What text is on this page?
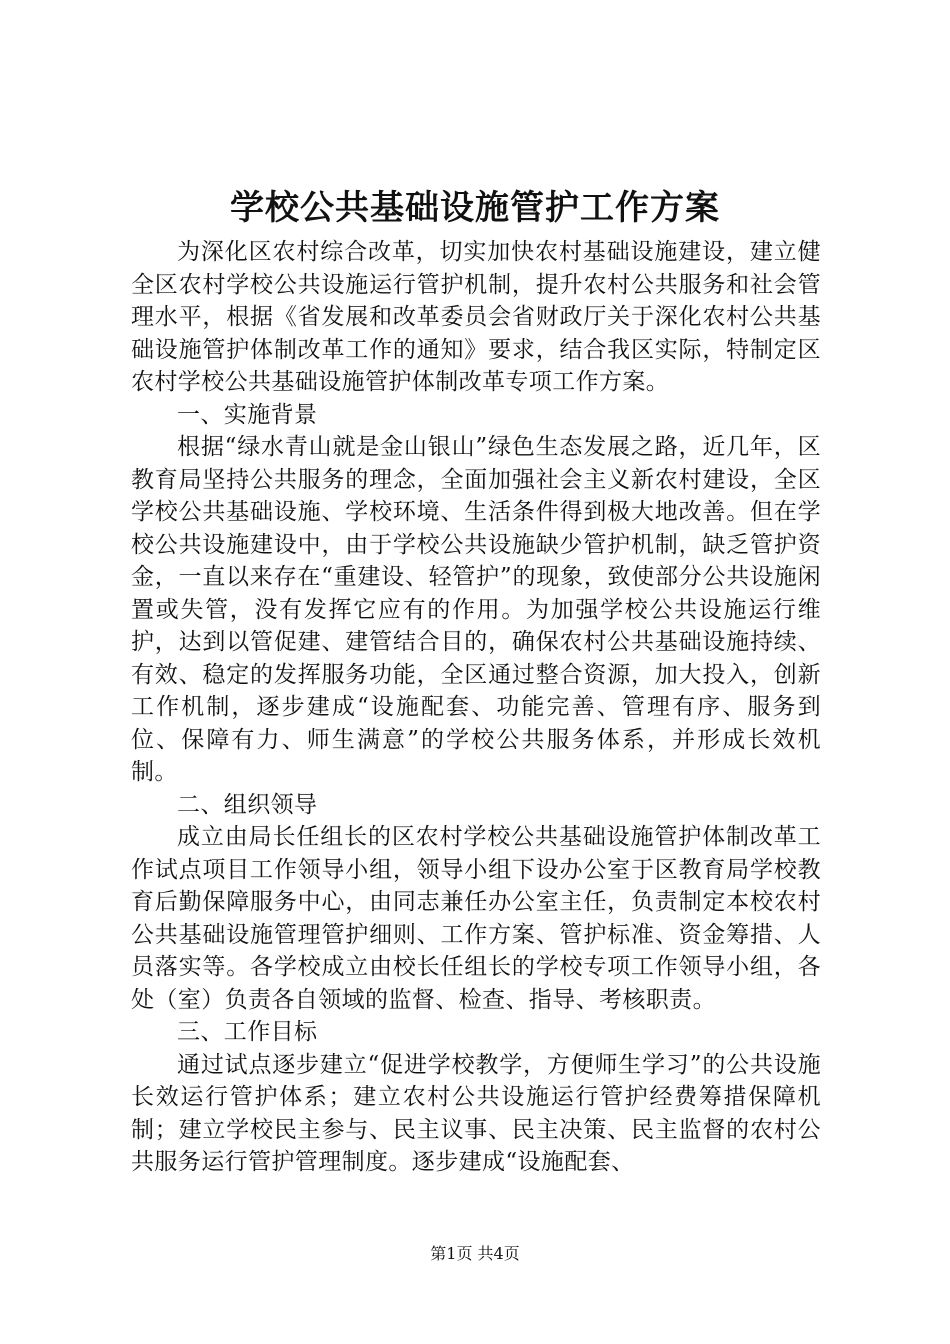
学校公共基础设施管护工作方案

为深化区农村综合改革，切实加快农村基础设施建设，建立健全区农村学校公共设施运行管护机制，提升农村公共服务和社会管理水平，根据《省发展和改革委员会省财政厅关于深化农村公共基础设施管护体制改革工作的通知》要求，结合我区实际，特制定区农村学校公共基础设施管护体制改革专项工作方案。

一、实施背景

根据“绿水青山就是金山银山”绿色生态发展之路，近几年，区教育局坚持公共服务的理念，全面加强社会主义新农村建设，全区学校公共基础设施、学校环境、生活条件得到极大地改善。但在学校公共设施建设中，由于学校公共设施缺少管护机制，缺乏管护资金，一直以来存在“重建设、轻管护”的现象，致使部分公共设施闲置或失管，没有发挥它应有的作用。为加强学校公共设施运行维护，达到以管促建、建管结合目的，确保农村公共基础设施持续、有效、稳定的发挥服务功能，全区通过整合资源，加大投入，创新工作机制，逐步建成“设施配套、功能完善、管理有序、服务到位、保障有力、师生满意”的学校公共服务体系，并形成长效机制。

二、组织领导

成立由局长任组长的区农村学校公共基础设施管护体制改革工作试点项目工作领导小组，领导小组下设办公室于区教育局学校教育后勤保障服务中心，由同志兼任办公室主任，负责制定本校农村公共基础设施管理管护细则、工作方案、管护标准、资金筹措、人员落实等。各学校成立由校长任组长的学校专项工作领导小组，各处（室）负责各自领域的监督、检查、指导、考核职责。

三、工作目标

通过试点逐步建立“促进学校教学，方便师生学习”的公共设施长效运行管护体系；建立农村公共设施运行管护经费筹措保障机制；建立学校民主参与、民主议事、民主决策、民主监督的农村公共服务运行管护管理制度。逐步建成“设施配套、

第1页 共4页
